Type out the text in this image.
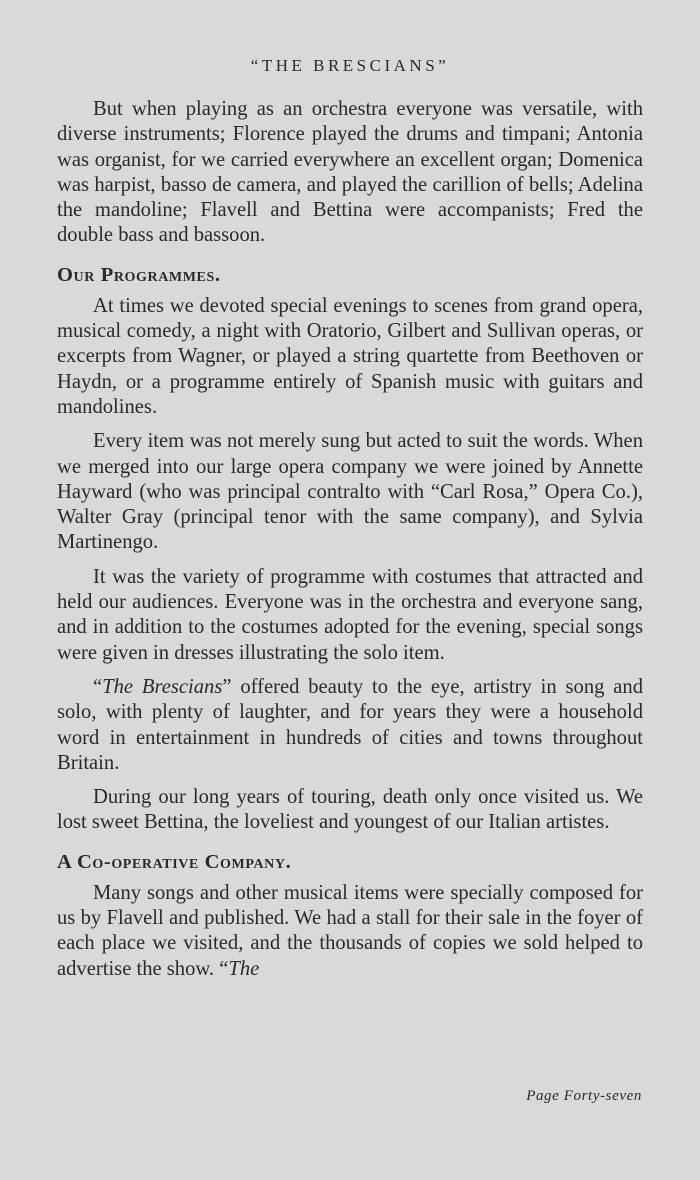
“THE BRESCIANS”

But when playing as an orchestra everyone was versatile, with diverse instruments; Florence played the drums and timpani; Antonia was organist, for we carried everywhere an excellent organ; Domenica was harpist, basso de camera, and played the carillion of bells; Adelina the mandoline; Flavell and Bettina were accompanists; Fred the double bass and bassoon.

Our Programmes.

At times we devoted special evenings to scenes from grand opera, musical comedy, a night with Oratorio, Gilbert and Sullivan operas, or excerpts from Wagner, or played a string quartette from Beethoven or Haydn, or a programme entirely of Spanish music with guitars and mandolines.

Every item was not merely sung but acted to suit the words. When we merged into our large opera company we were joined by Annette Hayward (who was principal contralto with “Carl Rosa,” Opera Co.), Walter Gray (principal tenor with the same company), and Sylvia Martinengo.

It was the variety of programme with costumes that attracted and held our audiences. Everyone was in the orchestra and everyone sang, and in addition to the costumes adopted for the evening, special songs were given in dresses illustrating the solo item.

“The Brescians” offered beauty to the eye, artistry in song and solo, with plenty of laughter, and for years they were a household word in entertainment in hundreds of cities and towns throughout Britain.

During our long years of touring, death only once visited us. We lost sweet Bettina, the loveliest and youngest of our Italian artistes.

A Co-operative Company.

Many songs and other musical items were specially composed for us by Flavell and published. We had a stall for their sale in the foyer of each place we visited, and the thousands of copies we sold helped to advertise the show. “The

Page Forty-seven
